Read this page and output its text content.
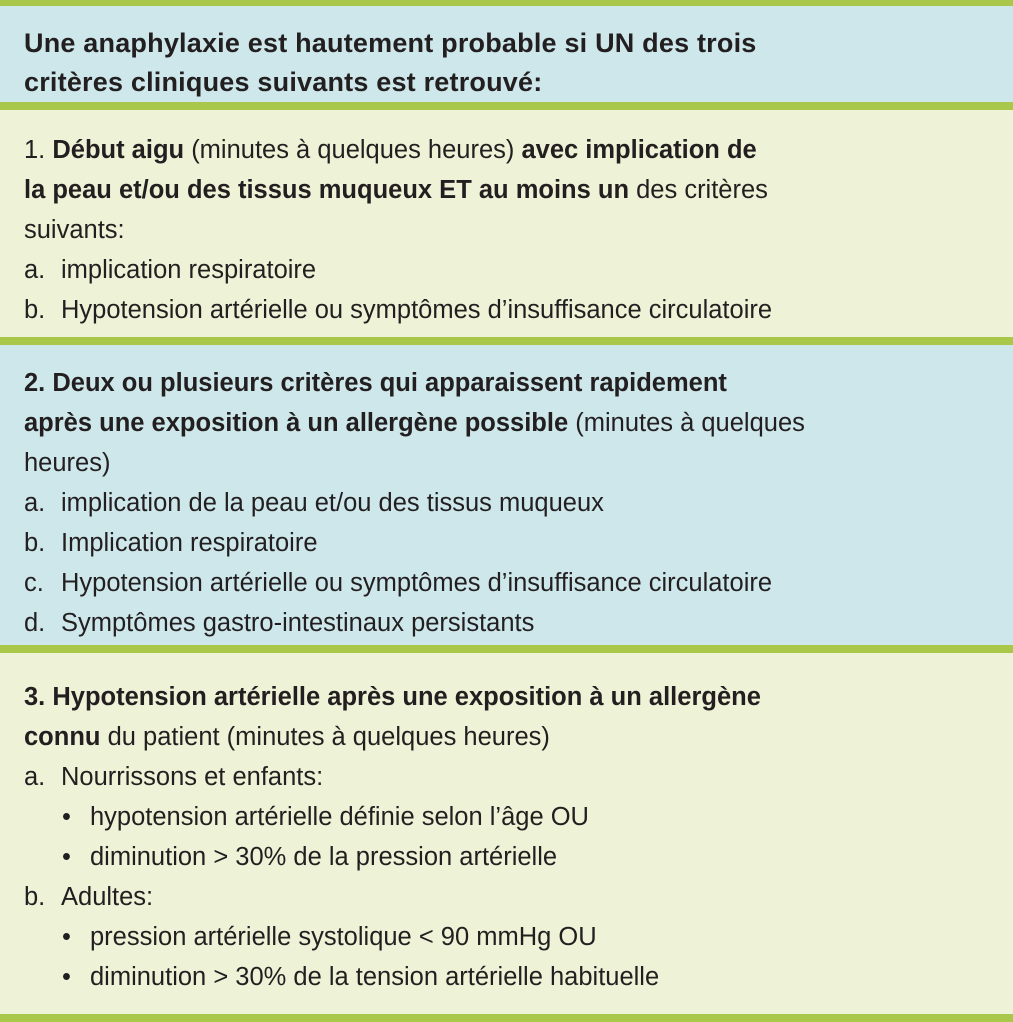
Une anaphylaxie est hautement probable si UN des trois
critères cliniques suivants est retrouvé:
1. Début aigu (minutes à quelques heures) avec implication de
la peau et/ou des tissus muqueux ET au moins un des critères
suivants:
a. implication respiratoire
b. Hypotension artérielle ou symptômes d’insuffisance circulatoire
2. Deux ou plusieurs critères qui apparaissent rapidement
après une exposition à un allergène possible (minutes à quelques
heures)
a. implication de la peau et/ou des tissus muqueux
b. Implication respiratoire
c. Hypotension artérielle ou symptômes d’insuffisance circulatoire
d. Symptômes gastro-intestinaux persistants
3. Hypotension artérielle après une exposition à un allergène
connu du patient (minutes à quelques heures)
a. Nourrissons et enfants:
• hypotension artérielle définie selon l’âge OU
• diminution > 30% de la pression artérielle
b. Adultes:
• pression artérielle systolique < 90 mmHg OU
• diminution > 30% de la tension artérielle habituelle
